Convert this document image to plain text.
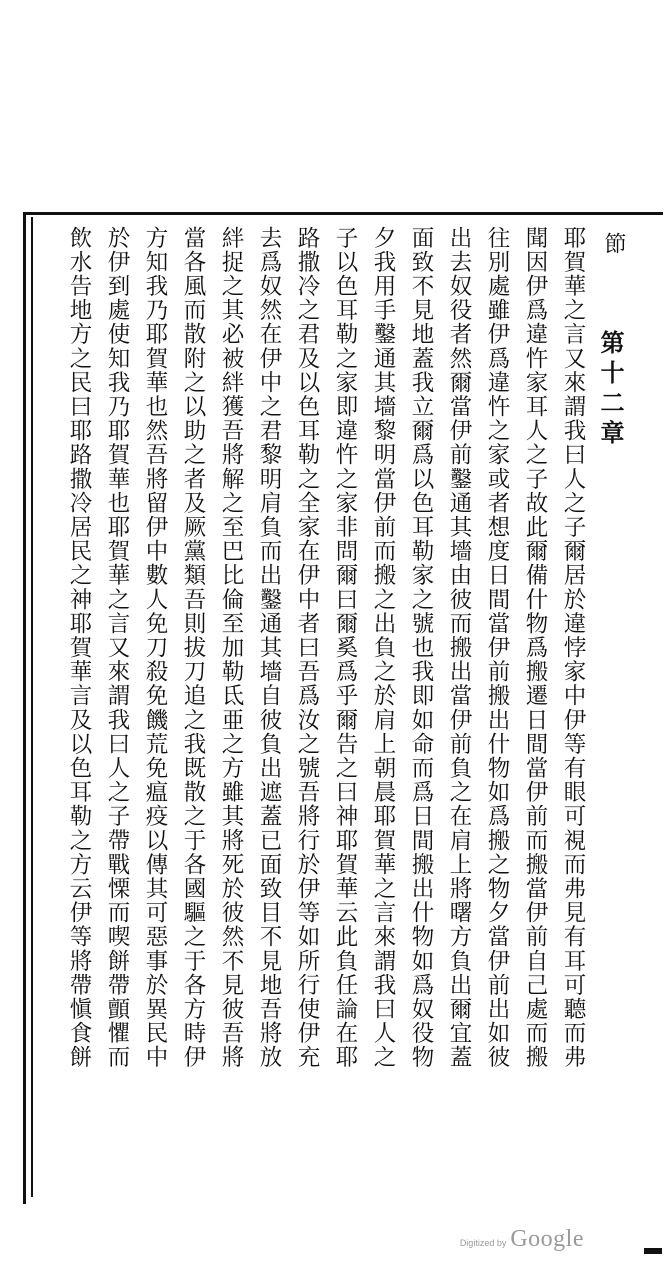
節
第十二章
耶賀華之言又來謂我曰人之子爾居於違悖家中伊等有眼可視而弗見有耳可聽而弗
聞因伊爲違忤家耳人之子故此爾備什物爲搬遷日間當伊前而搬當伊前自己處而搬
往別處雖伊爲違忤之家或者想度日間當伊前搬出什物如爲搬之物夕當伊前出如彼
出去奴役者然爾當伊前鑿通其墻由彼而搬出當伊前負之在肩上將曙方負出爾宜蓋
面致不見地蓋我立爾爲以色耳勒家之號也我即如命而爲日間搬出什物如爲奴役物
夕我用手鑿通其墻黎明當伊前而搬之出負之於肩上朝晨耶賀華之言來謂我曰人之
子以色耳勒之家即違忤之家非問爾曰爾奚爲乎爾告之曰神耶賀華云此負任論在耶
路撒冷之君及以色耳勒之全家在伊中者曰吾爲汝之號吾將行於伊等如所行使伊充
去爲奴然在伊中之君黎明肩負而出鑿通其墻自彼負出遮蓋已面致目不見地吾將放
絆捉之其必被絆獲吾將解之至巴比倫至加勒氐亜之方雖其將死於彼然不見彼吾將
當各風而散附之以助之者及厥黨類吾則拔刀追之我既散之于各國驅之于各方時伊
方知我乃耶賀華也然吾將留伊中數人免刀殺免饑荒免瘟疫以傳其可惡事於異民中
於伊到處使知我乃耶賀華也耶賀華之言又來謂我曰人之子帶戰慄而喫餅帶顫懼而
飲水告地方之民曰耶路撒冷居民之神耶賀華言及以色耳勒之方云伊等將帶愼食餅
Digitized by Google
